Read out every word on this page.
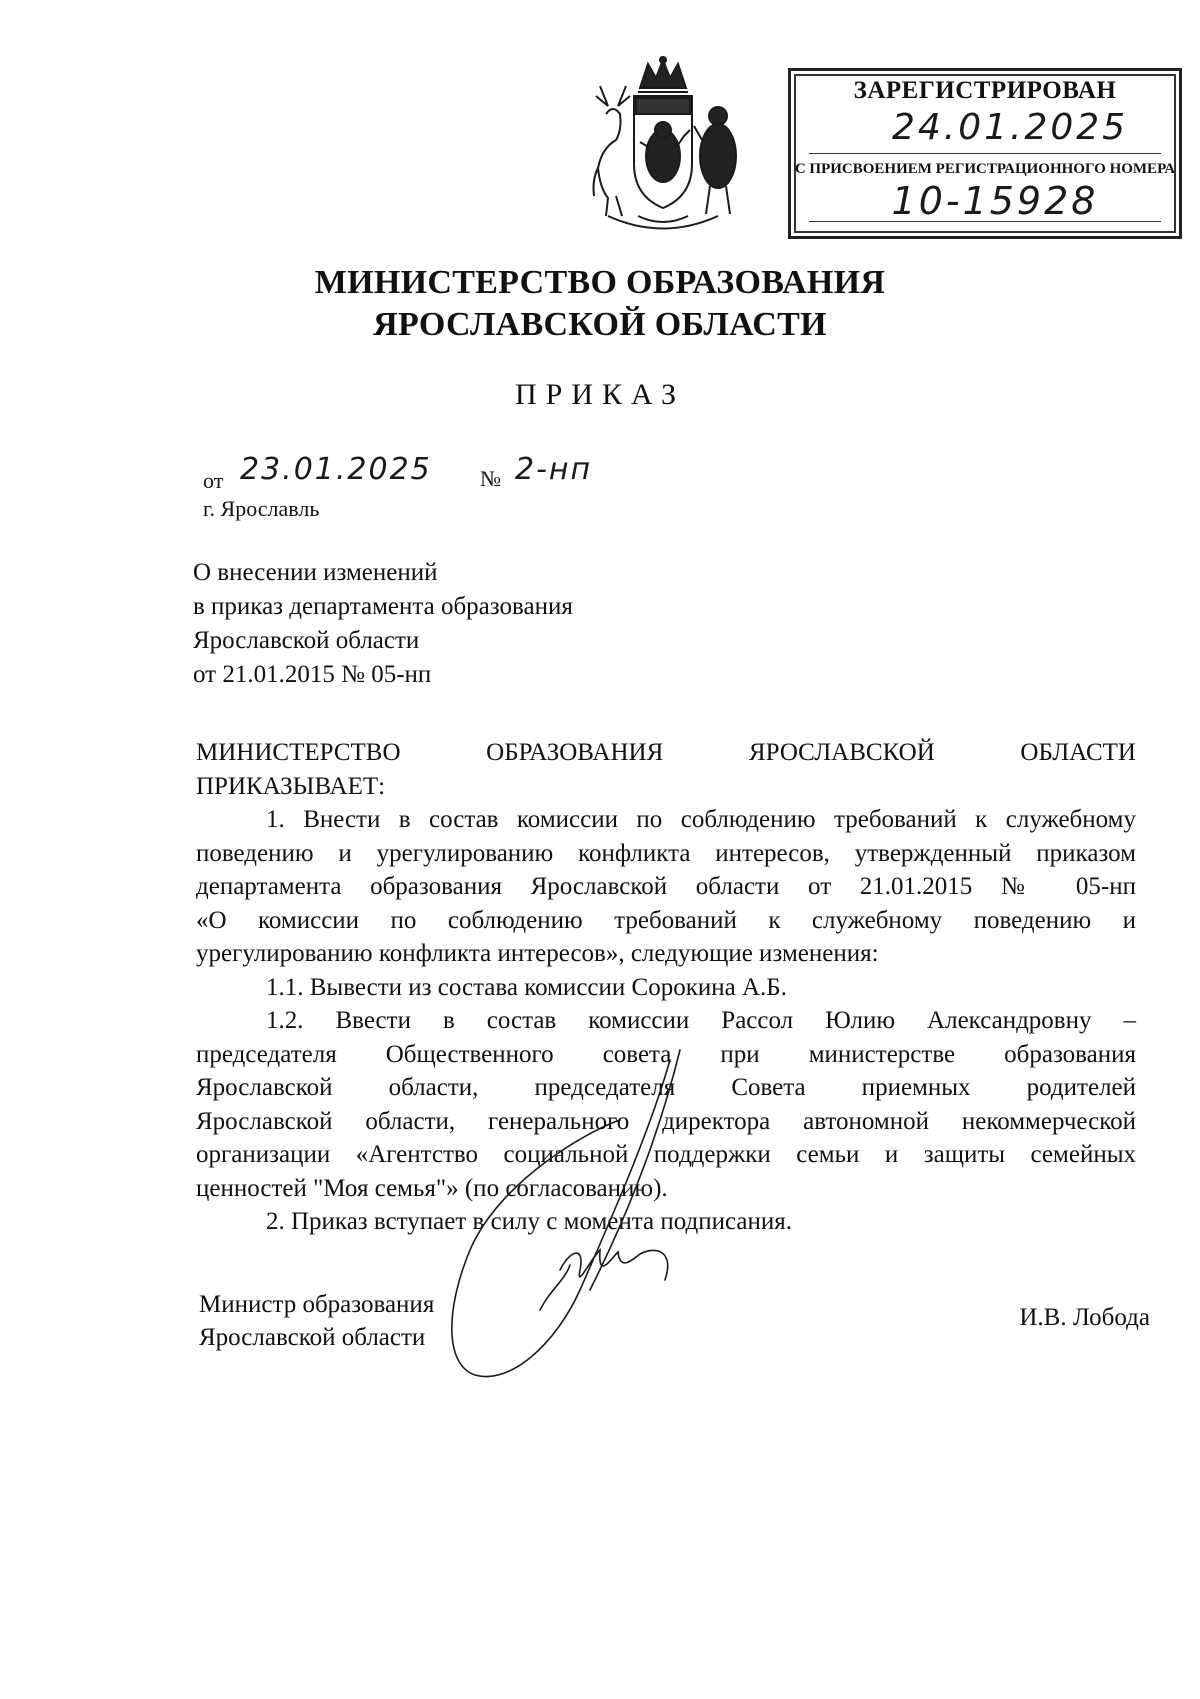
ЗАРЕГИСТРИРОВАН
24.01.2025
С ПРИСВОЕНИЕМ РЕГИСТРАЦИОННОГО НОМЕРА
10-15928
МИНИСТЕРСТВО ОБРАЗОВАНИЯ
ЯРОСЛАВСКОЙ ОБЛАСТИ
ПРИКАЗ
от 23.01.2025 № 2-нп
г. Ярославль
О внесении изменений
в приказ департамента образования
Ярославской области
от 21.01.2015 № 05-нп
МИНИСТЕРСТВО ОБРАЗОВАНИЯ ЯРОСЛАВСКОЙ ОБЛАСТИ
ПРИКАЗЫВАЕТ:
1. Внести в состав комиссии по соблюдению требований к служебному
поведению и урегулированию конфликта интересов, утвержденный приказом
департамента образования Ярославской области от 21.01.2015 № 05-нп
«О комиссии по соблюдению требований к служебному поведению и
урегулированию конфликта интересов», следующие изменения:
1.1. Вывести из состава комиссии Сорокина А.Б.
1.2. Ввести в состав комиссии Рассол Юлию Александровну –
председателя Общественного совета при министерстве образования
Ярославской области, председателя Совета приемных родителей
Ярославской области, генерального директора автономной некоммерческой
организации «Агентство социальной поддержки семьи и защиты семейных
ценностей "Моя семья"» (по согласованию).
2. Приказ вступает в силу с момента подписания.
Министр образования
Ярославской области
И.В. Лобода
